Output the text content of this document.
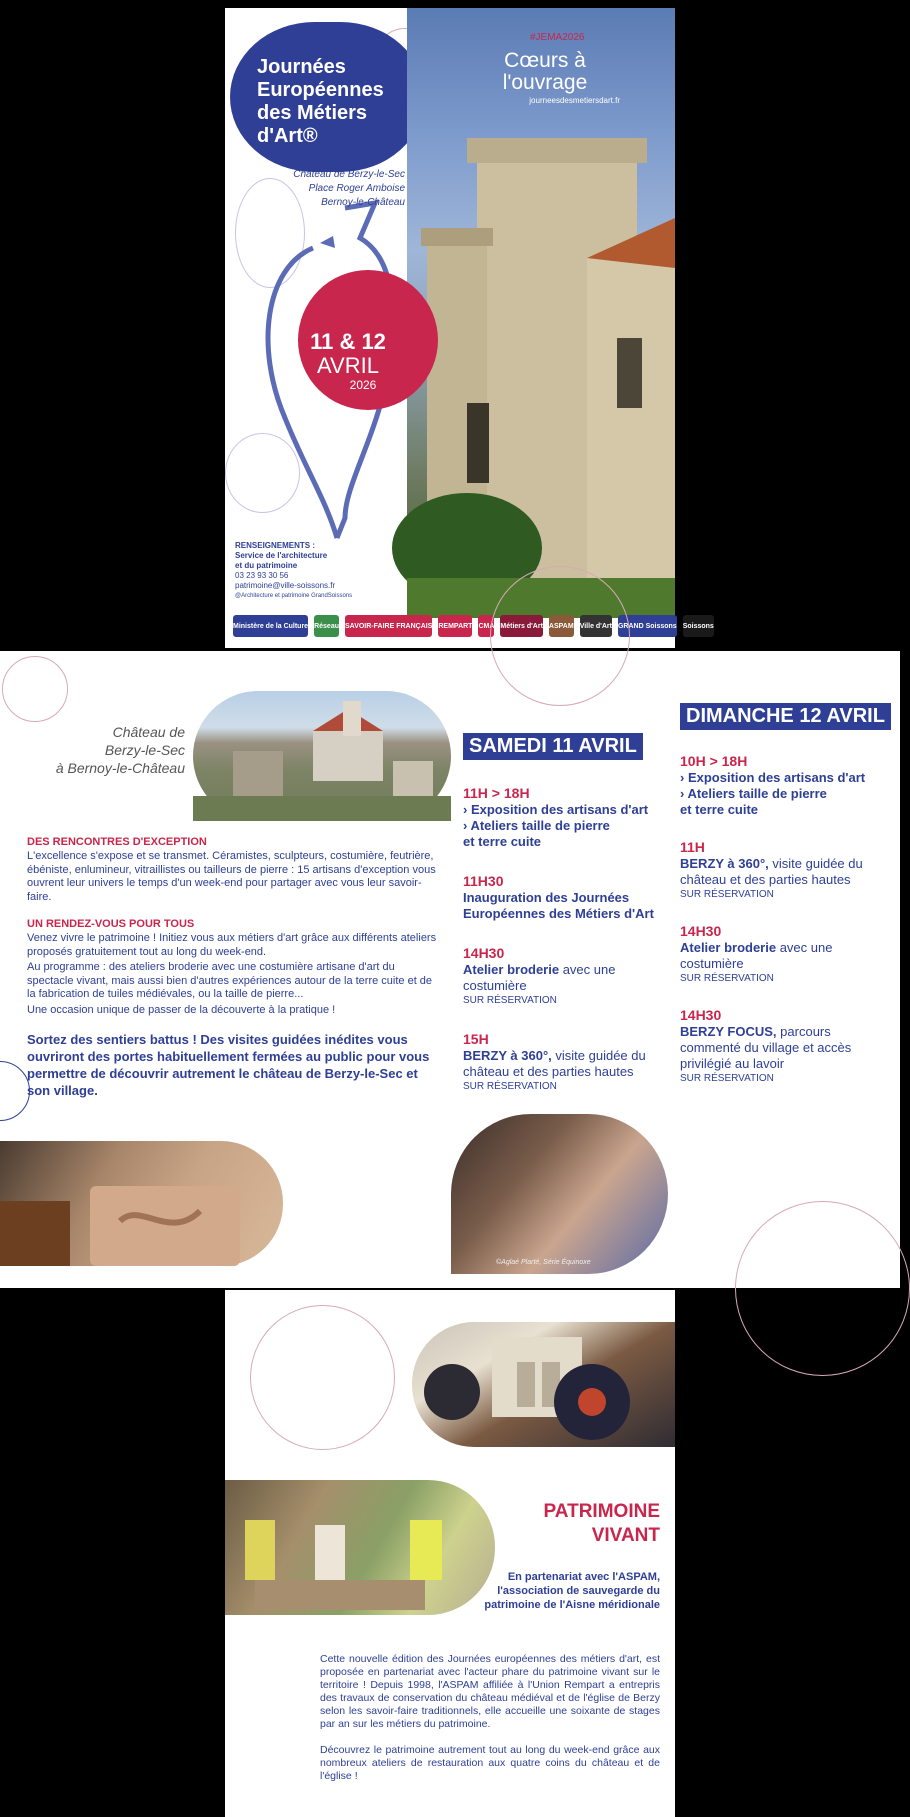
Journées
Européennes
des Métiers
d'Art®
Château de Berzy-le-Sec
Place Roger Amboise
Bernoy-le-Château
#JEMA2026
Cœurs à l'ouvrage
journeesdesmetiersdart.fr
11 & 12
AVRIL
2026
RENSEIGNEMENTS :
Service de l'architecture
et du patrimoine
03 23 93 30 56
patrimoine@ville-soissons.fr
@Architecture et patrimoine GrandSoissons
Ministère de la Culture Réseau SAVOIR-FAIRE FRANÇAIS REMPART CMA Métiers d'Art ASPAM Ville d'Art GRAND Soissons Soissons
Château de
Berzy-le-Sec
à Bernoy-le-Château

DES RENCONTRES D'EXCEPTION

L'excellence s'expose et se transmet. Céramistes, sculpteurs, costumière, feutrière, ébéniste, enlumineur, vitraillistes ou tailleurs de pierre : 15 artisans d'exception vous ouvrent leur univers le temps d'un week-end pour partager avec vous leur savoir-faire.

UN RENDEZ-VOUS POUR TOUS

Venez vivre le patrimoine ! Initiez vous aux métiers d'art grâce aux différents ateliers proposés gratuitement tout au long du week-end.

Au programme : des ateliers broderie avec une costumière artisane d'art du spectacle vivant, mais aussi bien d'autres expériences autour de la terre cuite et de la fabrication de tuiles médiévales, ou la taille de pierre...

Une occasion unique de passer de la découverte à la pratique !

Sortez des sentiers battus ! Des visites guidées inédites vous ouvriront des portes habituellement fermées au public pour vous permettre de découvrir autrement le château de Berzy-le-Sec et son village.

SAMEDI 11 AVRIL
11H > 18H
› Exposition des artisans d'art
› Ateliers taille de pierre
et terre cuite
11H30
Inauguration des Journées
Européennes des Métiers d'Art
14H30
Atelier broderie avec une costumière
SUR RÉSERVATION
15H
BERZY à 360°, visite guidée du château et des parties hautes
SUR RÉSERVATION
DIMANCHE 12 AVRIL
10H > 18H
› Exposition des artisans d'art
› Ateliers taille de pierre
et terre cuite
11H
BERZY à 360°, visite guidée du château et des parties hautes
SUR RÉSERVATION
14H30
Atelier broderie avec une costumière
SUR RÉSERVATION
14H30
BERZY FOCUS, parcours commenté du village et accès privilégié au lavoir
SUR RÉSERVATION
©Aglaé Plarté, Série Équinoxe
PATRIMOINE
VIVANT
En partenariat avec l'ASPAM, l'association de sauvegarde du patrimoine de l'Aisne méridionale

Cette nouvelle édition des Journées européennes des métiers d'art, est proposée en partenariat avec l'acteur phare du patrimoine vivant sur le territoire ! Depuis 1998, l'ASPAM affiliée à l'Union Rempart a entrepris des travaux de conservation du château médiéval et de l'église de Berzy selon les savoir-faire traditionnels, elle accueille une soixante de stages par an sur les métiers du patrimoine.

Découvrez le patrimoine autrement tout au long du week-end grâce aux nombreux ateliers de restauration aux quatre coins du château et de l'église !
